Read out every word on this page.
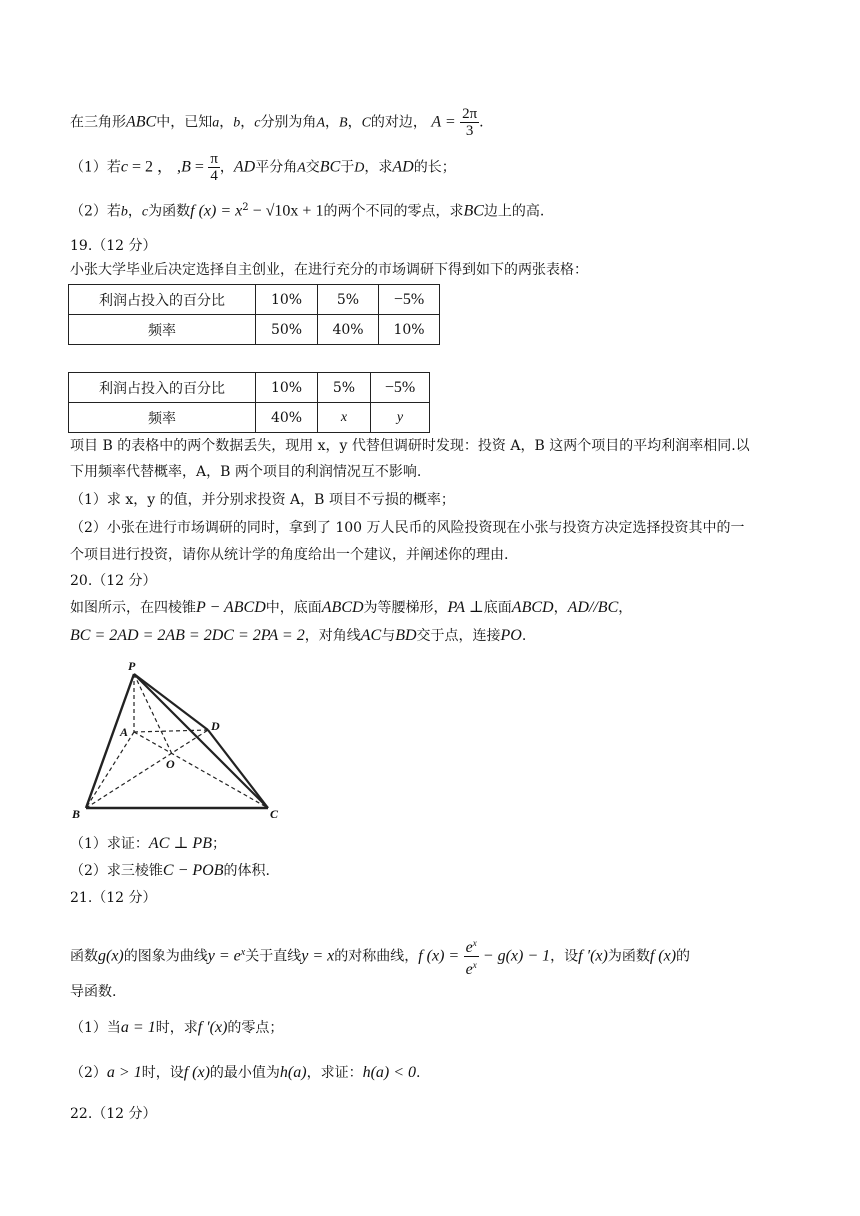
在三角形ABC中，已知a，b，c分别为角A，B，C的对边， $A = \frac{2\pi}{3}$ .
（1）若c = 2 ， $,B = \frac{\pi}{4}$ ，AD平分角A交BC于D，求AD的长；
（2）若b，c为函数f $(x) = x^2 - √10x + 1$的两个不同的零点，求BC边上的高.
19.（12 分）
小张大学毕业后决定选择自主创业，在进行充分的市场调研下得到如下的两张表格：
利润占投入的百分比	10%	5%	−5%
频率	50%	40%	10%
利润占投入的百分比	10%	5%	−5%
频率	40%	x	y
项目 B 的表格中的两个数据丢失，现用 x，y 代替但调研时发现：投资 A，B 这两个项目的平均利润率相同.以
下用频率代替概率，A，B 两个项目的利润情况互不影响.
（1）求 x，y 的值，并分别求投资 A，B 项目不亏损的概率；
（2）小张在进行市场调研的同时，拿到了 100 万人民币的风险投资现在小张与投资方决定选择投资其中的一
个项目进行投资，请你从统计学的角度给出一个建议，并阐述你的理由.
20.（12 分）
如图所示，在四棱锥P − ABCD中，底面ABCD为等腰梯形，PA ⊥底面ABCD，AD//BC，
BC = 2AD = 2AB = 2DC = 2PA = 2，对角线AC与BD交于点，连接PO.
P
A	D
O
B	C
（1）求证：AC ⊥ PB；
（2）求三棱锥C − POB的体积.
21.（12 分）
函数g(x)的图象为曲线$y = e^x$关于直线y = x的对称曲线，f $(x) = \frac{e^x}{e^x} - g(x) - 1$，设f ′(x)为函数f (x)的
导函数.
（1）当a = 1时，求f ′(x)的零点；
（2）a > 1时，设f (x)的最小值为h(a)，求证：h(a) < 0.
22.（12 分）
